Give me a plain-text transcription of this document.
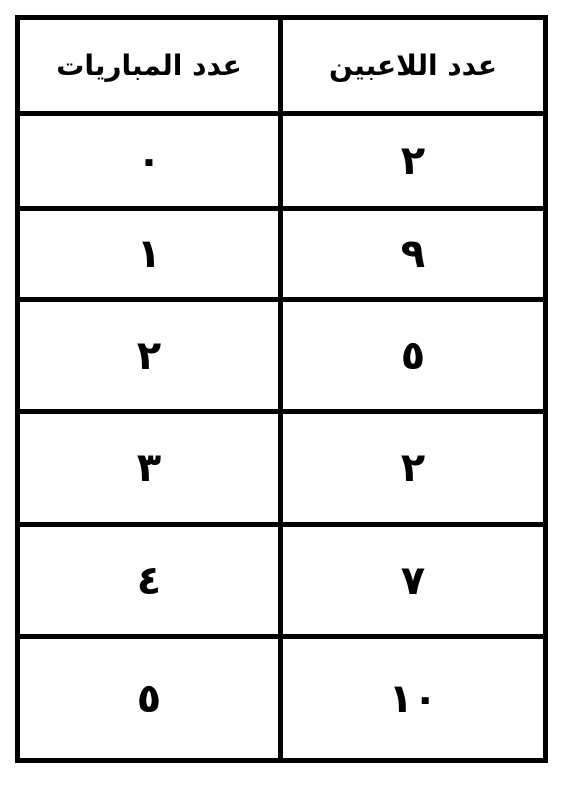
عدد المباريات	عدد اللاعبين
٠	٢
١	٩
٢	٥
٣	٢
٤	٧
٥	١٠
